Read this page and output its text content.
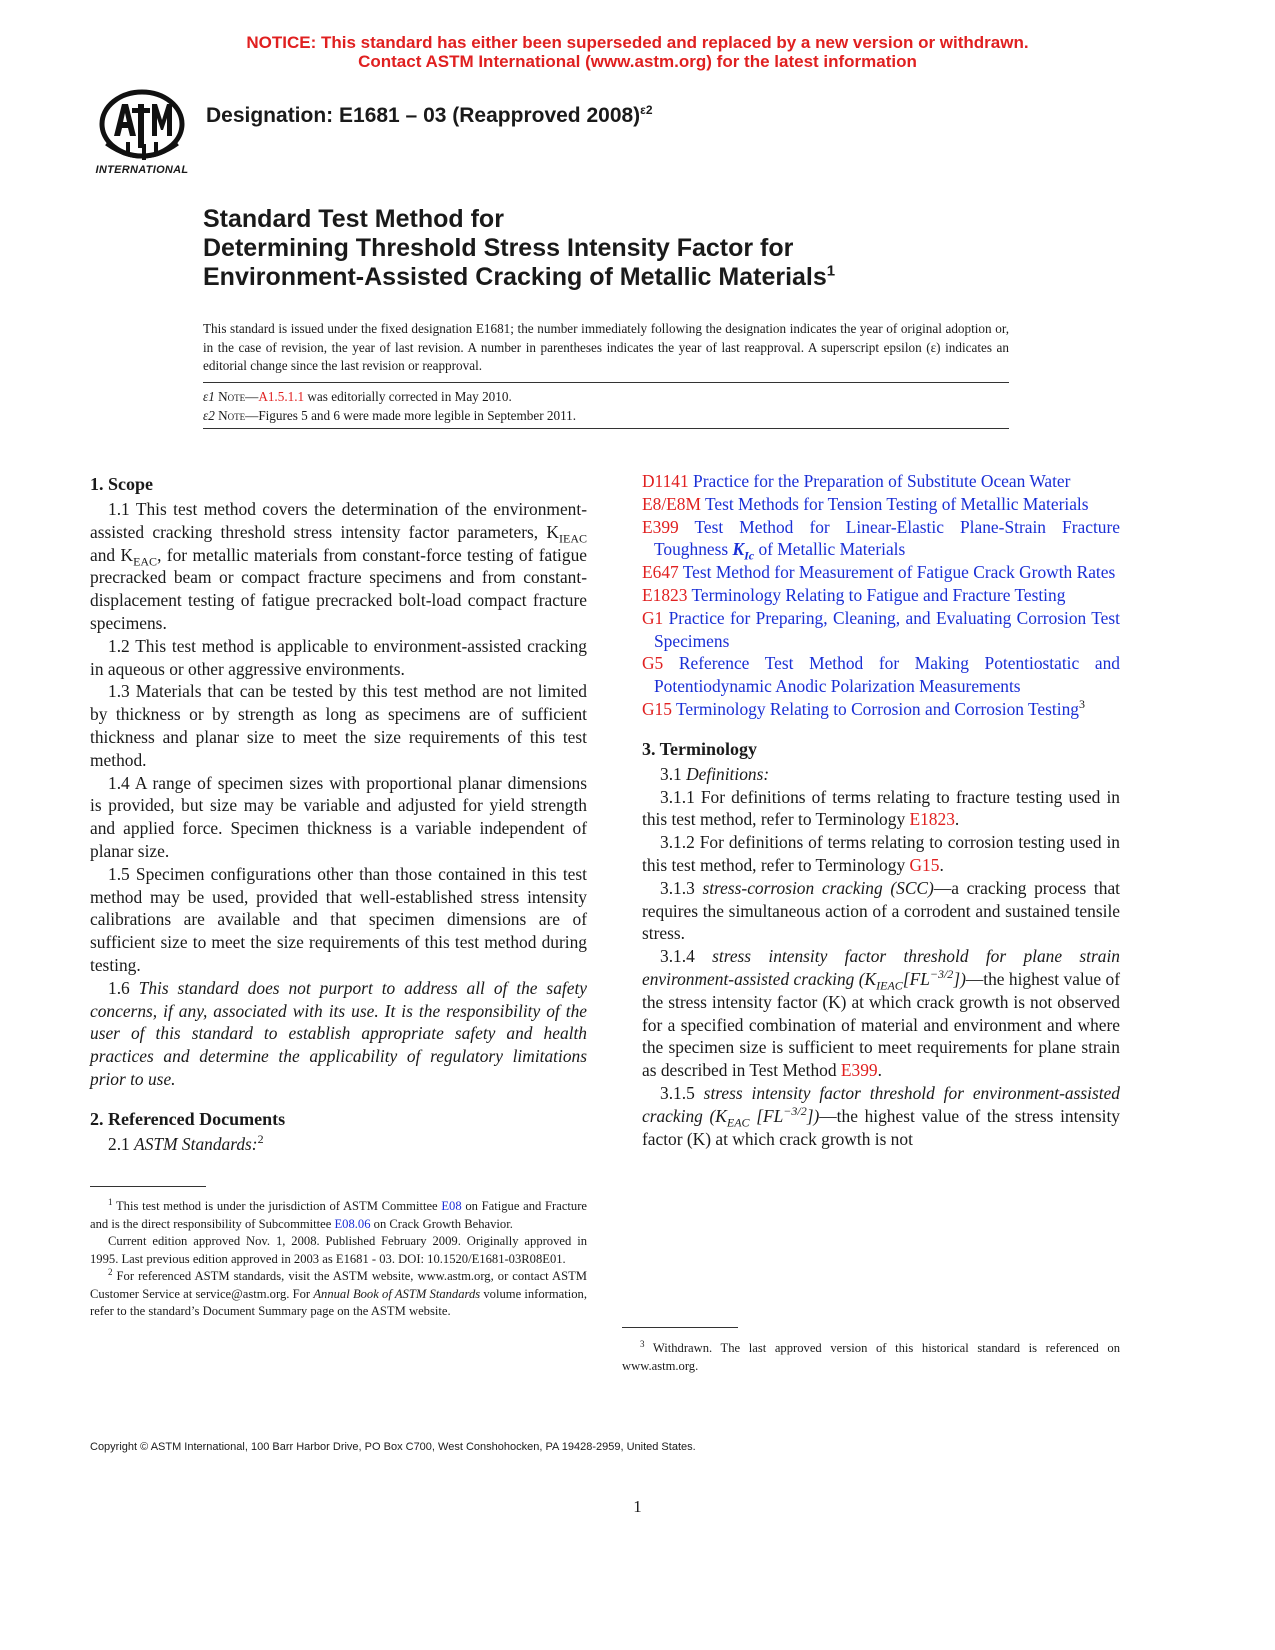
NOTICE: This standard has either been superseded and replaced by a new version or withdrawn.
Contact ASTM International (www.astm.org) for the latest information
INTERNATIONAL
Designation: E1681 – 03 (Reapproved 2008)$^{\varepsilon 2}$
Standard Test Method for
Determining Threshold Stress Intensity Factor for
Environment-Assisted Cracking of Metallic Materials$^1$
This standard is issued under the fixed designation E1681; the number immediately following the designation indicates the year of original adoption or, in the case of revision, the year of last revision. A number in parentheses indicates the year of last reapproval. A superscript epsilon (ε) indicates an editorial change since the last revision or reapproval.
ε1 Note—A1.5.1.1 was editorially corrected in May 2010.
ε2 Note—Figures 5 and 6 were made more legible in September 2011.
1. Scope

1.1 This test method covers the determination of the environment-assisted cracking threshold stress intensity factor parameters, $K_{IEAC}$ and $K_{EAC}$, for metallic materials from constant-force testing of fatigue precracked beam or compact fracture specimens and from constant-displacement testing of fatigue precracked bolt-load compact fracture specimens.

1.2 This test method is applicable to environment-assisted cracking in aqueous or other aggressive environments.

1.3 Materials that can be tested by this test method are not limited by thickness or by strength as long as specimens are of sufficient thickness and planar size to meet the size requirements of this test method.

1.4 A range of specimen sizes with proportional planar dimensions is provided, but size may be variable and adjusted for yield strength and applied force. Specimen thickness is a variable independent of planar size.

1.5 Specimen configurations other than those contained in this test method may be used, provided that well-established stress intensity calibrations are available and that specimen dimensions are of sufficient size to meet the size requirements of this test method during testing.

1.6 This standard does not purport to address all of the safety concerns, if any, associated with its use. It is the responsibility of the user of this standard to establish appropriate safety and health practices and determine the applicability of regulatory limitations prior to use.

2. Referenced Documents

2.1 ASTM Standards:$^2$

D1141 Practice for the Preparation of Substitute Ocean Water

E8/E8M Test Methods for Tension Testing of Metallic Materials

E399 Test Method for Linear-Elastic Plane-Strain Fracture Toughness $K_{Ic}$ of Metallic Materials

E647 Test Method for Measurement of Fatigue Crack Growth Rates

E1823 Terminology Relating to Fatigue and Fracture Testing

G1 Practice for Preparing, Cleaning, and Evaluating Corrosion Test Specimens

G5 Reference Test Method for Making Potentiostatic and Potentiodynamic Anodic Polarization Measurements

G15 Terminology Relating to Corrosion and Corrosion Testing$^3$

3. Terminology

3.1 Definitions:

3.1.1 For definitions of terms relating to fracture testing used in this test method, refer to Terminology E1823.

3.1.2 For definitions of terms relating to corrosion testing used in this test method, refer to Terminology G15.

3.1.3 stress-corrosion cracking (SCC)—a cracking process that requires the simultaneous action of a corrodent and sustained tensile stress.

3.1.4 stress intensity factor threshold for plane strain environment-assisted cracking $(K_{IEAC}[FL^{-3/2}])—the$ highest value of the stress intensity factor (K) at which crack growth is not observed for a specified combination of material and environment and where the specimen size is sufficient to meet requirements for plane strain as described in Test Method E399.

3.1.5 stress intensity factor threshold for environment-assisted cracking ($K_{EAC}$ $[FL^{-3/2}])—the$ highest value of the stress intensity factor (K) at which crack growth is not

$^1$ This test method is under the jurisdiction of ASTM Committee E08 on Fatigue and Fracture and is the direct responsibility of Subcommittee E08.06 on Crack Growth Behavior.

Current edition approved Nov. 1, 2008. Published February 2009. Originally approved in 1995. Last previous edition approved in 2003 as E1681 - 03. DOI: 10.1520/E1681-03R08E01.

$^2$ For referenced ASTM standards, visit the ASTM website, www.astm.org, or contact ASTM Customer Service at service@astm.org. For Annual Book of ASTM Standards volume information, refer to the standard’s Document Summary page on the ASTM website.

$^3$ Withdrawn. The last approved version of this historical standard is referenced on www.astm.org.

Copyright © ASTM International, 100 Barr Harbor Drive, PO Box C700, West Conshohocken, PA 19428-2959, United States.
1
